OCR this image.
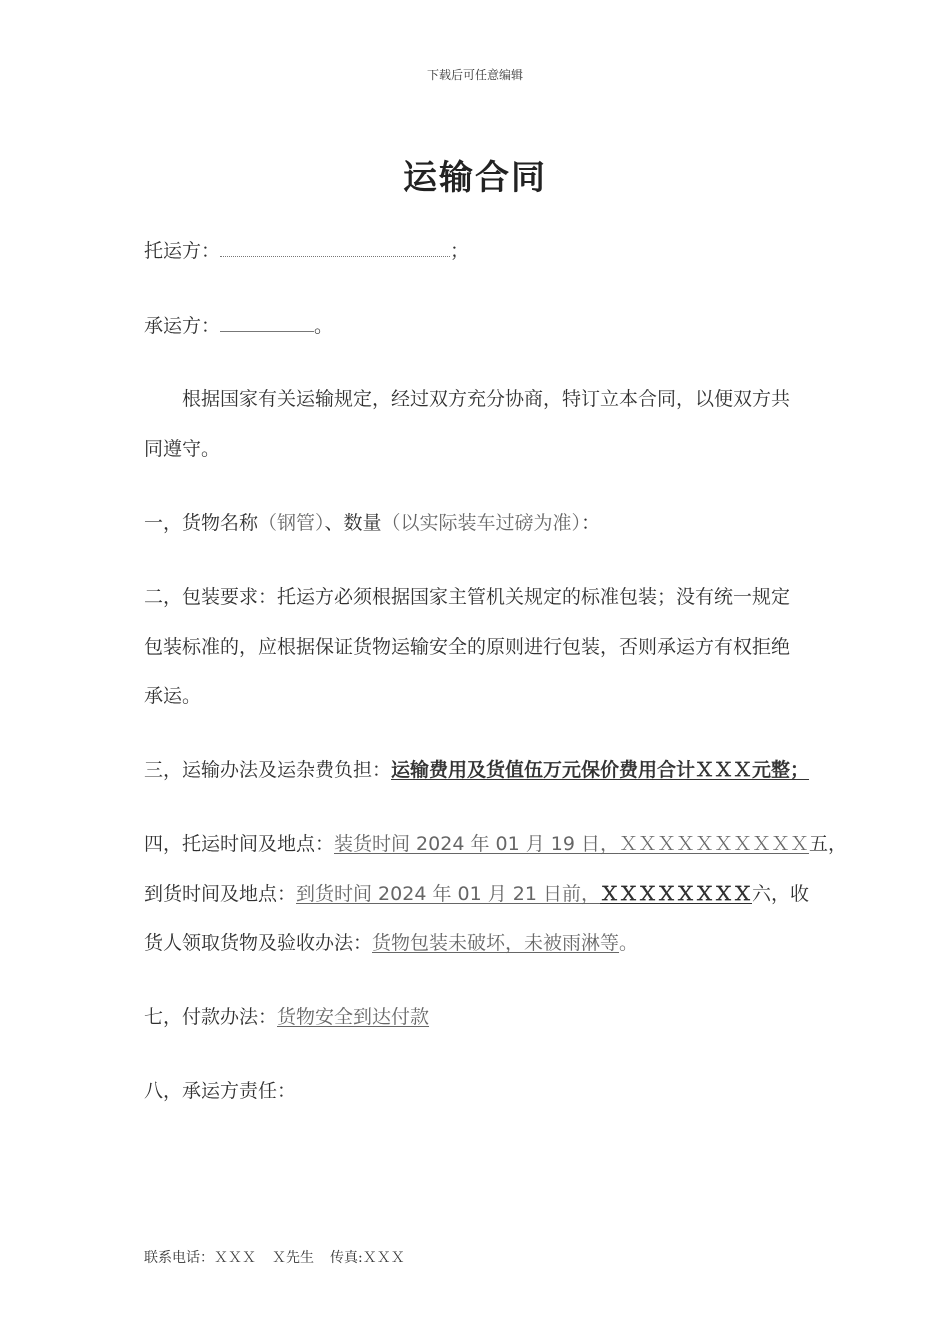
下载后可任意编辑
运输合同
托运方：	；
承运方：	。
根据国家有关运输规定，经过双方充分协商，特订立本合同，以便双方共
同遵守。
一，货物名称（钢管）、数量（以实际装车过磅为准）：
二，包装要求：托运方必须根据国家主管机关规定的标准包装；没有统一规定
包装标准的，应根据保证货物运输安全的原则进行包装，否则承运方有权拒绝
承运。
三，运输办法及运杂费负担：运输费用及货值伍万元保价费用合计ＸＸＸ元整；
四，托运时间及地点：装货时间 2024 年 01 月 19 日，ＸＸＸＸＸＸＸＸＸＸ五，
到货时间及地点：到货时间 2024 年 01 月 21 日前，ＸＸＸＸＸＸＸＸ六，收
货人领取货物及验收办法：货物包装未破坏，未被雨淋等。
七，付款办法：货物安全到达付款
八，承运方责任：
联系电话：ＸＸＸ Ｘ先生 传真:ＸＸＸ
